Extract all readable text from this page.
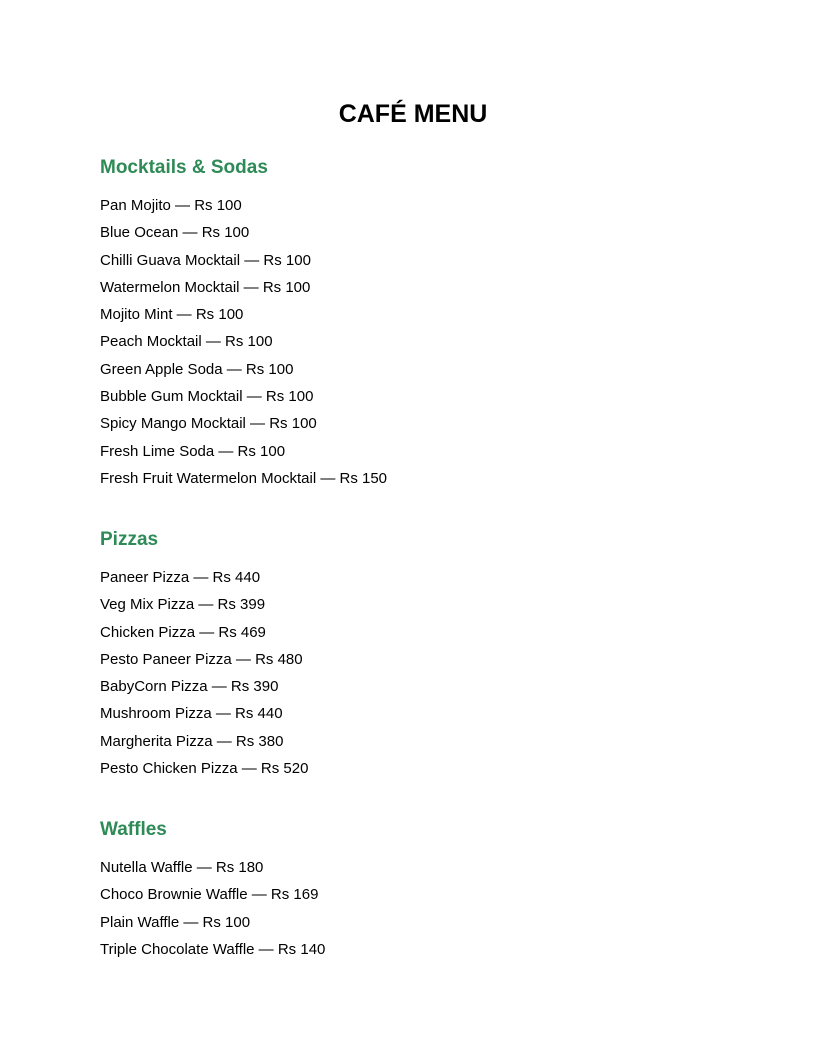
CAFÉ MENU
Mocktails & Sodas
Pan Mojito — Rs 100
Blue Ocean — Rs 100
Chilli Guava Mocktail — Rs 100
Watermelon Mocktail — Rs 100
Mojito Mint — Rs 100
Peach Mocktail — Rs 100
Green Apple Soda — Rs 100
Bubble Gum Mocktail — Rs 100
Spicy Mango Mocktail — Rs 100
Fresh Lime Soda — Rs 100
Fresh Fruit Watermelon Mocktail — Rs 150
Pizzas
Paneer Pizza — Rs 440
Veg Mix Pizza — Rs 399
Chicken Pizza — Rs 469
Pesto Paneer Pizza — Rs 480
BabyCorn Pizza — Rs 390
Mushroom Pizza — Rs 440
Margherita Pizza — Rs 380
Pesto Chicken Pizza — Rs 520
Waffles
Nutella Waffle — Rs 180
Choco Brownie Waffle — Rs 169
Plain Waffle — Rs 100
Triple Chocolate Waffle — Rs 140
